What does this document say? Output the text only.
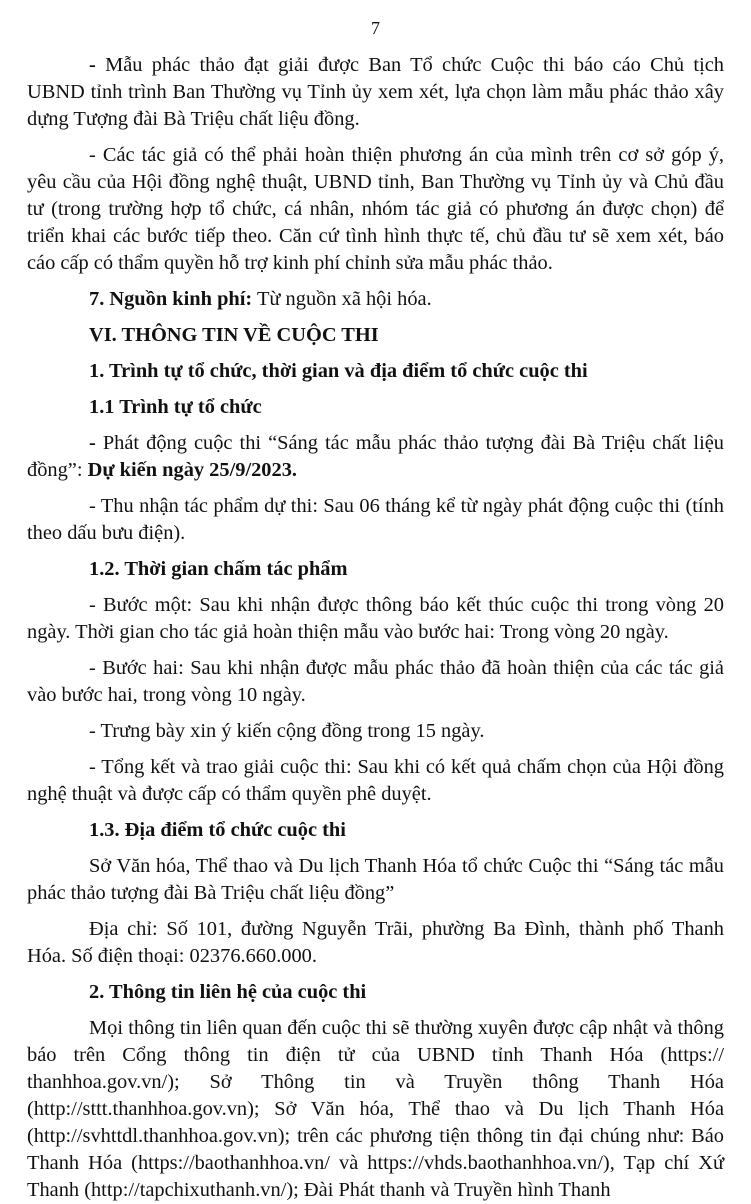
7

- Mẫu phác thảo đạt giải được Ban Tổ chức Cuộc thi báo cáo Chủ tịch UBND tỉnh trình Ban Thường vụ Tỉnh ủy xem xét, lựa chọn làm mẫu phác thảo xây dựng Tượng đài Bà Triệu chất liệu đồng.

- Các tác giả có thể phải hoàn thiện phương án của mình trên cơ sở góp ý, yêu cầu của Hội đồng nghệ thuật, UBND tỉnh, Ban Thường vụ Tỉnh ủy và Chủ đầu tư (trong trường hợp tổ chức, cá nhân, nhóm tác giả có phương án được chọn) để triển khai các bước tiếp theo. Căn cứ tình hình thực tế, chủ đầu tư sẽ xem xét, báo cáo cấp có thẩm quyền hỗ trợ kinh phí chỉnh sửa mẫu phác thảo.

7. Nguồn kinh phí: Từ nguồn xã hội hóa.

VI. THÔNG TIN VỀ CUỘC THI

1. Trình tự tổ chức, thời gian và địa điểm tổ chức cuộc thi

1.1 Trình tự tổ chức

- Phát động cuộc thi “Sáng tác mẫu phác thảo tượng đài Bà Triệu chất liệu đồng”: Dự kiến ngày 25/9/2023.

- Thu nhận tác phẩm dự thi: Sau 06 tháng kể từ ngày phát động cuộc thi (tính theo dấu bưu điện).

1.2. Thời gian chấm tác phẩm

- Bước một: Sau khi nhận được thông báo kết thúc cuộc thi trong vòng 20 ngày. Thời gian cho tác giả hoàn thiện mẫu vào bước hai: Trong vòng 20 ngày.

- Bước hai: Sau khi nhận được mẫu phác thảo đã hoàn thiện của các tác giả vào bước hai, trong vòng 10 ngày.

- Trưng bày xin ý kiến cộng đồng trong 15 ngày.

- Tổng kết và trao giải cuộc thi: Sau khi có kết quả chấm chọn của Hội đồng nghệ thuật và được cấp có thẩm quyền phê duyệt.

1.3. Địa điểm tổ chức cuộc thi

Sở Văn hóa, Thể thao và Du lịch Thanh Hóa tổ chức Cuộc thi “Sáng tác mẫu phác thảo tượng đài Bà Triệu chất liệu đồng”

Địa chỉ: Số 101, đường Nguyễn Trãi, phường Ba Đình, thành phố Thanh Hóa. Số điện thoại: 02376.660.000.

2. Thông tin liên hệ của cuộc thi

Mọi thông tin liên quan đến cuộc thi sẽ thường xuyên được cập nhật và thông báo trên Cổng thông tin điện tử của UBND tỉnh Thanh Hóa (https:// thanhhoa.gov.vn/); Sở Thông tin và Truyền thông Thanh Hóa (http://sttt.thanhhoa.gov.vn); Sở Văn hóa, Thể thao và Du lịch Thanh Hóa (http://svhttdl.thanhhoa.gov.vn); trên các phương tiện thông tin đại chúng như: Báo Thanh Hóa (https://baothanhhoa.vn/ và https://vhds.baothanhhoa.vn/), Tạp chí Xứ Thanh (http://tapchixuthanh.vn/); Đài Phát thanh và Truyền hình Thanh
